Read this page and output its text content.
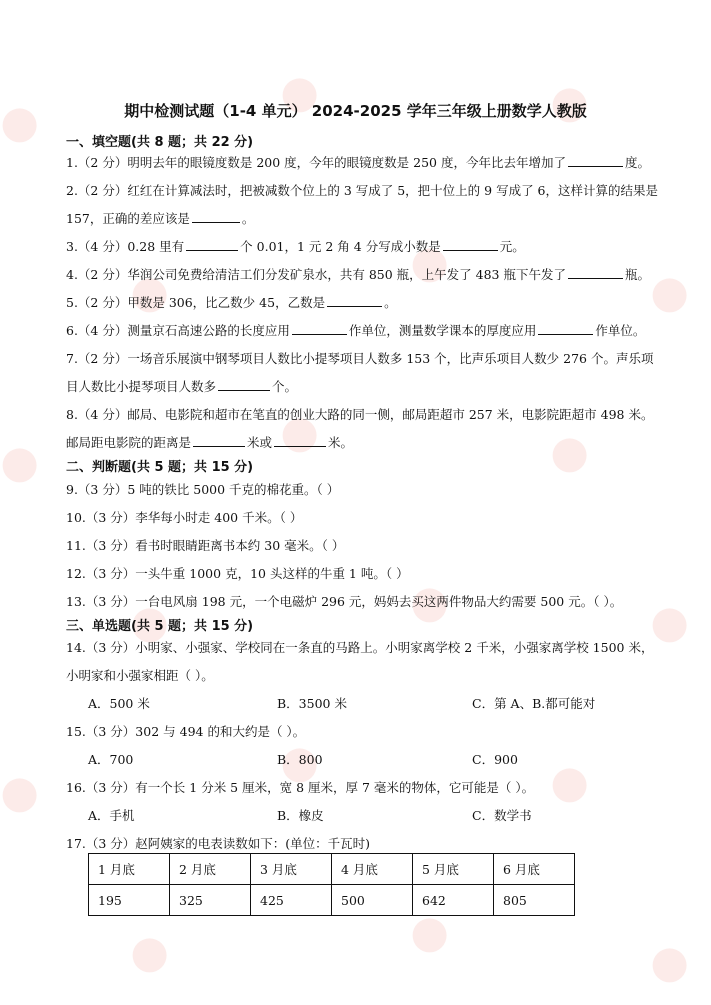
期中检测试题（1-4 单元） 2024-2025 学年三年级上册数学人教版
一、填空题(共 8 题；共 22 分)
1.（2 分）明明去年的眼镜度数是 200 度，今年的眼镜度数是 250 度，今年比去年增加了	度。
2.（2 分）红红在计算减法时，把被减数个位上的 3 写成了 5，把十位上的 9 写成了 6，这样计算的结果是
157，正确的差应该是	。
3.（4 分）0.28 里有	个 0.01，1 元 2 角 4 分写成小数是	元。
4.（2 分）华润公司免费给清洁工们分发矿泉水，共有 850 瓶，上午发了 483 瓶下午发了	瓶。
5.（2 分）甲数是 306，比乙数少 45，乙数是	。
6.（4 分）测量京石高速公路的长度应用	作单位，测量数学课本的厚度应用	作单位。
7.（2 分）一场音乐展演中钢琴项目人数比小提琴项目人数多 153 个，比声乐项目人数少 276 个。声乐项
目人数比小提琴项目人数多	个。
8.（4 分）邮局、电影院和超市在笔直的创业大路的同一侧，邮局距超市 257 米，电影院距超市 498 米。
邮局距电影院的距离是	米或	米。
二、判断题(共 5 题；共 15 分)
9.（3 分）5 吨的铁比 5000 千克的棉花重。（ ）
10.（3 分）李华每小时走 400 千米。（ ）
11.（3 分）看书时眼睛距离书本约 30 毫米。（ ）
12.（3 分）一头牛重 1000 克，10 头这样的牛重 1 吨。（ ）
13.（3 分）一台电风扇 198 元，一个电磁炉 296 元，妈妈去买这两件物品大约需要 500 元。（ ）。
三、单选题(共 5 题；共 15 分)
14.（3 分）小明家、小强家、学校同在一条直的马路上。小明家离学校 2 千米，小强家离学校 1500 米，
小明家和小强家相距（ ）。
A．500 米	B．3500 米	C．第 A、B.都可能对
15.（3 分）302 与 494 的和大约是（ ）。
A．700	B．800	C．900
16.（3 分）有一个长 1 分米 5 厘米，宽 8 厘米，厚 7 毫米的物体，它可能是（ ）。
A．手机	B．橡皮	C．数学书
17.（3 分）赵阿姨家的电表读数如下：(单位：千瓦时)
1 月底	2 月底	3 月底	4 月底	5 月底	6 月底
195	325	425	500	642	805
